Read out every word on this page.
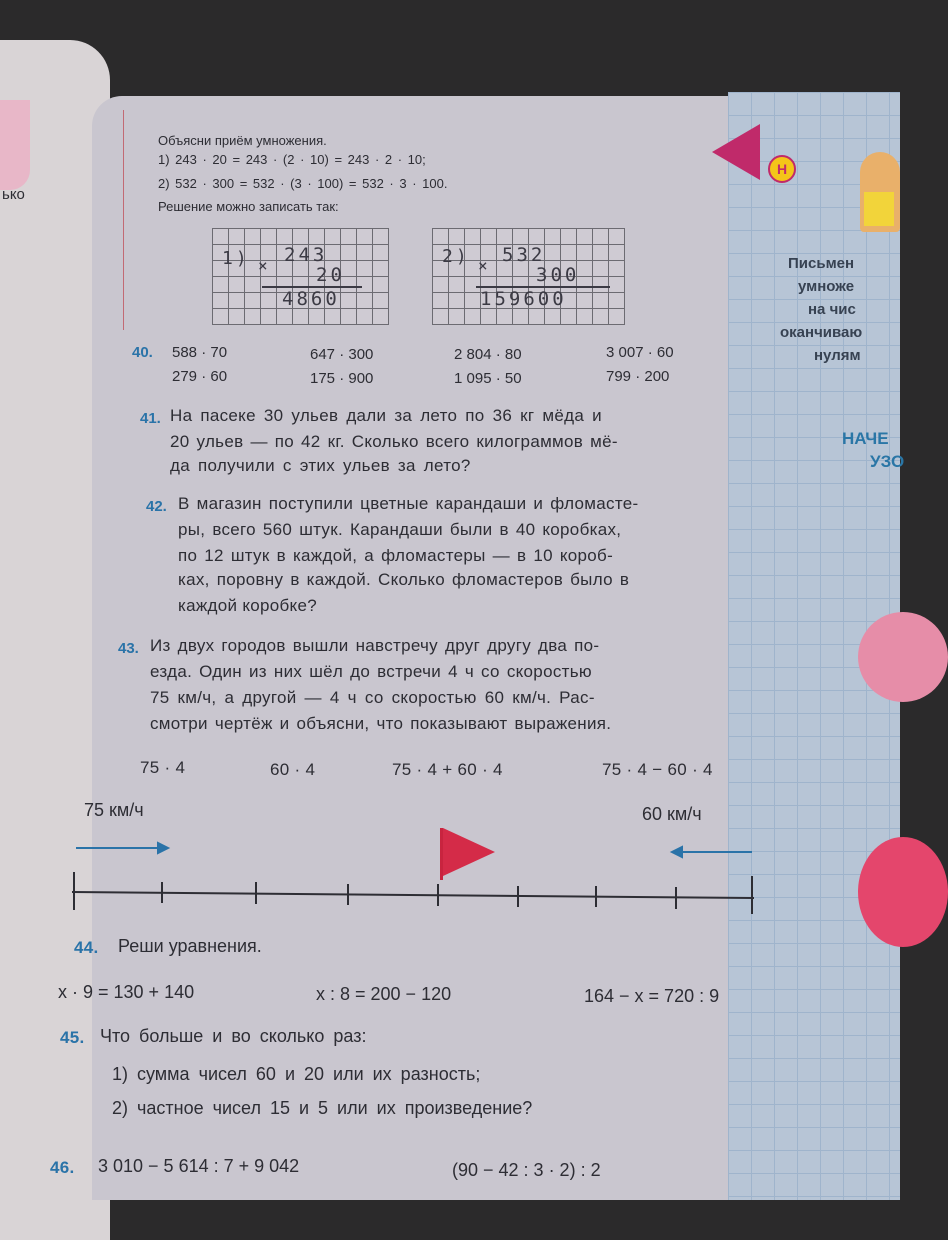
ько
Н
Письмен
умноже
на чис
оканчиваю
нулям
НАЧЕ
УЗО
Объясни приём умножения.
1) 243 · 20 = 243 · (2 · 10) = 243 · 2 · 10;
2) 532 · 300 = 532 · (3 · 100) = 532 · 3 · 100.
Решение можно записать так:
1) × 243
20
4860
2) × 532
300
159600
40. 588 · 70	647 · 300	2 804 · 80	3 007 · 60
279 · 60	175 · 900	1 095 · 50	799 · 200
41. На пасеке 30 ульев дали за лето по 36 кг мёда и
20 ульев — по 42 кг. Сколько всего килограммов мё-
да получили с этих ульев за лето?
42. В магазин поступили цветные карандаши и фломасте-
ры, всего 560 штук. Карандаши были в 40 коробках,
по 12 штук в каждой, а фломастеры — в 10 короб-
ках, поровну в каждой. Сколько фломастеров было в
каждой коробке?
43. Из двух городов вышли навстречу друг другу два по-
езда. Один из них шёл до встречи 4 ч со скоростью
75 км/ч, а другой — 4 ч со скоростью 60 км/ч. Рас-
смотри чертёж и объясни, что показывают выражения.
75 · 4	60 · 4	75 · 4 + 60 · 4	75 · 4 − 60 · 4
75 км/ч	60 км/ч
44. Реши уравнения.
x · 9 = 130 + 140	x : 8 = 200 − 120	164 − x = 720 : 9
45. Что больше и во сколько раз:
1) сумма чисел 60 и 20 или их разность;
2) частное чисел 15 и 5 или их произведение?
46. 3 010 − 5 614 : 7 + 9 042	(90 − 42 : 3 · 2) : 2
